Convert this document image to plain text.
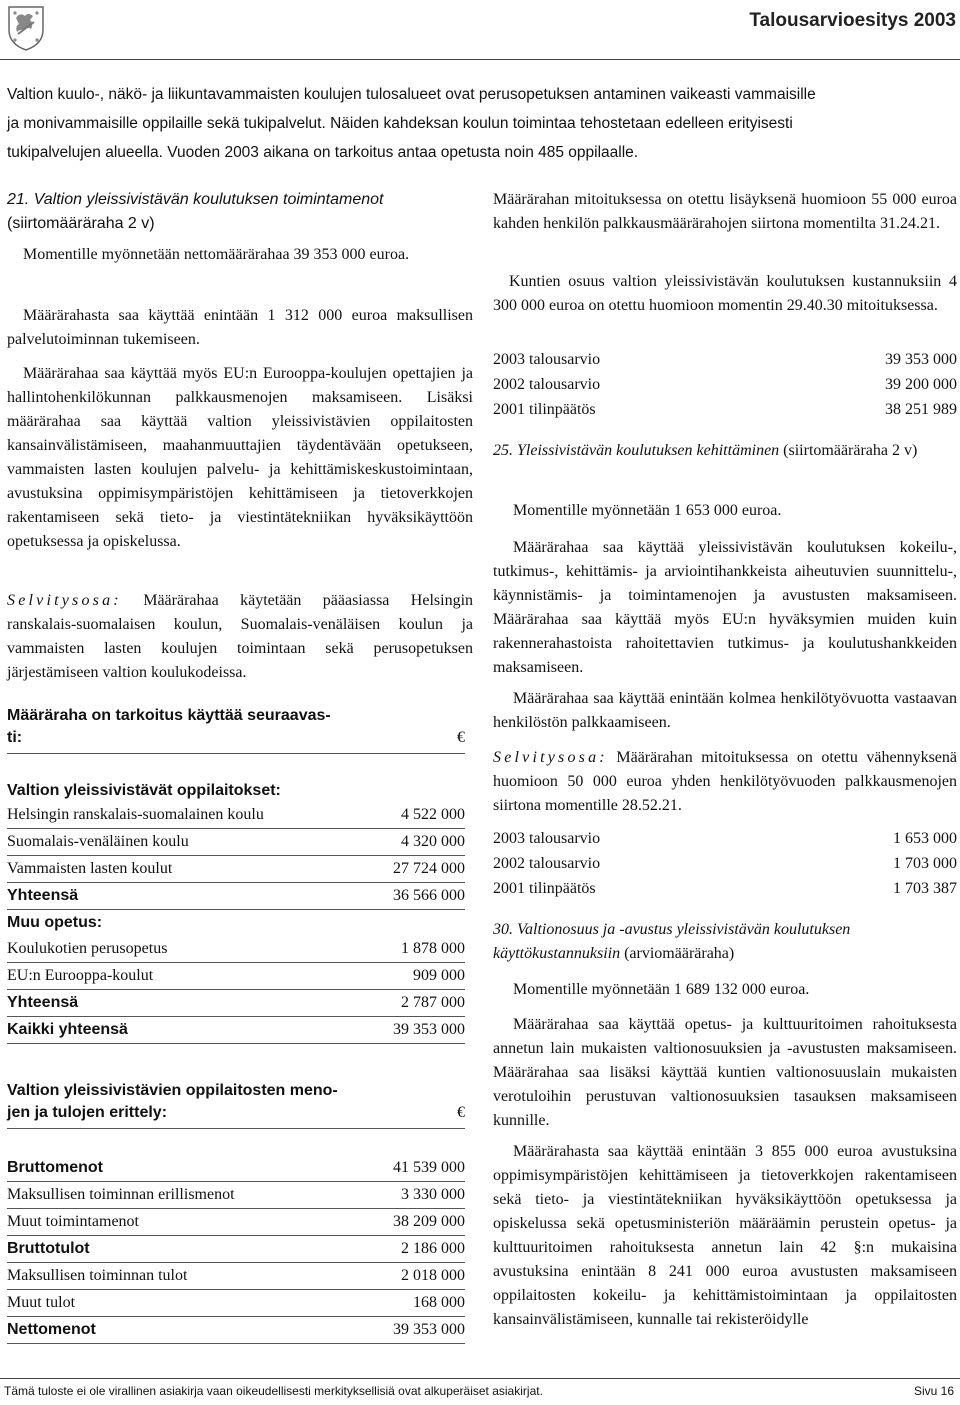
Talousarvioesitys 2003
Valtion kuulo-, näkö- ja liikuntavammaisten koulujen tulosalueet ovat perusopetuksen antaminen vaikeasti vammaisille
ja monivammaisille oppilaille sekä tukipalvelut. Näiden kahdeksan koulun toimintaa tehostetaan edelleen erityisesti
tukipalvelujen alueella. Vuoden 2003 aikana on tarkoitus antaa opetusta noin 485 oppilaalle.
21. Valtion yleissivistävän koulutuksen toimintamenot
(siirtomääräraha 2 v)

Momentille myönnetään nettomäärärahaa 39 353 000 euroa.

Määrärahasta saa käyttää enintään 1 312 000 euroa maksullisen palvelutoiminnan tukemiseen.

Määrärahaa saa käyttää myös EU:n Eurooppa-koulujen opettajien ja hallintohenkilökunnan palkkausmenojen maksamiseen. Lisäksi määrärahaa saa käyttää valtion yleissivistävien oppilaitosten kansainvälistämiseen, maahanmuuttajien täydentävään opetukseen, vammaisten lasten koulujen palvelu- ja kehittämiskeskustoimintaan, avustuksina oppimisympäristöjen kehittämiseen ja tietoverkkojen rakentamiseen sekä tieto- ja viestintätekniikan hyväksikäyttöön opetuksessa ja opiskelussa.

Selvitysosa: Määrärahaa käytetään pääasiassa Helsingin ranskalais-suomalaisen koulun, Suomalais-venäläisen koulun ja vammaisten lasten koulujen toimintaan sekä perusopetuksen järjestämiseen valtion koulukodeissa.

Määräraha on tarkoitus käyttää seuraavas-
ti:	€
Valtion yleissivistävät oppilaitokset:
Helsingin ranskalais-suomalainen koulu	4 522 000
Suomalais-venäläinen koulu	4 320 000
Vammaisten lasten koulut	27 724 000
Yhteensä	36 566 000
Muu opetus:
Koulukotien perusopetus	1 878 000
EU:n Eurooppa-koulut	909 000
Yhteensä	2 787 000
Kaikki yhteensä	39 353 000
Valtion yleissivistävien oppilaitosten meno-
jen ja tulojen erittely:	€
Bruttomenot	41 539 000
Maksullisen toiminnan erillismenot	3 330 000
Muut toimintamenot	38 209 000
Bruttotulot	2 186 000
Maksullisen toiminnan tulot	2 018 000
Muut tulot	168 000
Nettomenot	39 353 000

Määrärahan mitoituksessa on otettu lisäyksenä huomioon 55 000 euroa kahden henkilön palkkausmäärärahojen siirtona momentilta 31.24.21.

Kuntien osuus valtion yleissivistävän koulutuksen kustannuksiin 4 300 000 euroa on otettu huomioon momentin 29.40.30 mitoituksessa.

2003 talousarvio	39 353 000
2002 talousarvio	39 200 000
2001 tilinpäätös	38 251 989
25. Yleissivistävän koulutuksen kehittäminen (siirtomääräraha 2 v)

Momentille myönnetään 1 653 000 euroa.

Määrärahaa saa käyttää yleissivistävän koulutuksen kokeilu-, tutkimus-, kehittämis- ja arviointihankkeista aiheutuvien suunnittelu-, käynnistämis- ja toimintamenojen ja avustusten maksamiseen. Määrärahaa saa käyttää myös EU:n hyväksymien muiden kuin rakennerahastoista rahoitettavien tutkimus- ja koulutushankkeiden maksamiseen.

Määrärahaa saa käyttää enintään kolmea henkilötyövuotta vastaavan henkilöstön palkkaamiseen.

Selvitysosa: Määrärahan mitoituksessa on otettu vähennyksenä huomioon 50 000 euroa yhden henkilötyövuoden palkkausmenojen siirtona momentille 28.52.21.

2003 talousarvio	1 653 000
2002 talousarvio	1 703 000
2001 tilinpäätös	1 703 387
30. Valtionosuus ja -avustus yleissivistävän koulutuksen käyttökustannuksiin (arviomääräraha)

Momentille myönnetään 1 689 132 000 euroa.

Määrärahaa saa käyttää opetus- ja kulttuuritoimen rahoituksesta annetun lain mukaisten valtionosuuksien ja -avustusten maksamiseen. Määrärahaa saa lisäksi käyttää kuntien valtionosuuslain mukaisten verotuloihin perustuvan valtionosuuksien tasauksen maksamiseen kunnille.

Määrärahasta saa käyttää enintään 3 855 000 euroa avustuksina oppimisympäristöjen kehittämiseen ja tietoverkkojen rakentamiseen sekä tieto- ja viestintätekniikan hyväksikäyttöön opetuksessa ja opiskelussa sekä opetusministeriön määräämin perustein opetus- ja kulttuuritoimen rahoituksesta annetun lain 42 §:n mukaisina avustuksina enintään 8 241 000 euroa avustusten maksamiseen oppilaitosten kokeilu- ja kehittämistoimintaan ja oppilaitosten kansainvälistämiseen, kunnalle tai rekisteröidylle

Tämä tuloste ei ole virallinen asiakirja vaan oikeudellisesti merkityksellisiä ovat alkuperäiset asiakirjat.	Sivu 16
